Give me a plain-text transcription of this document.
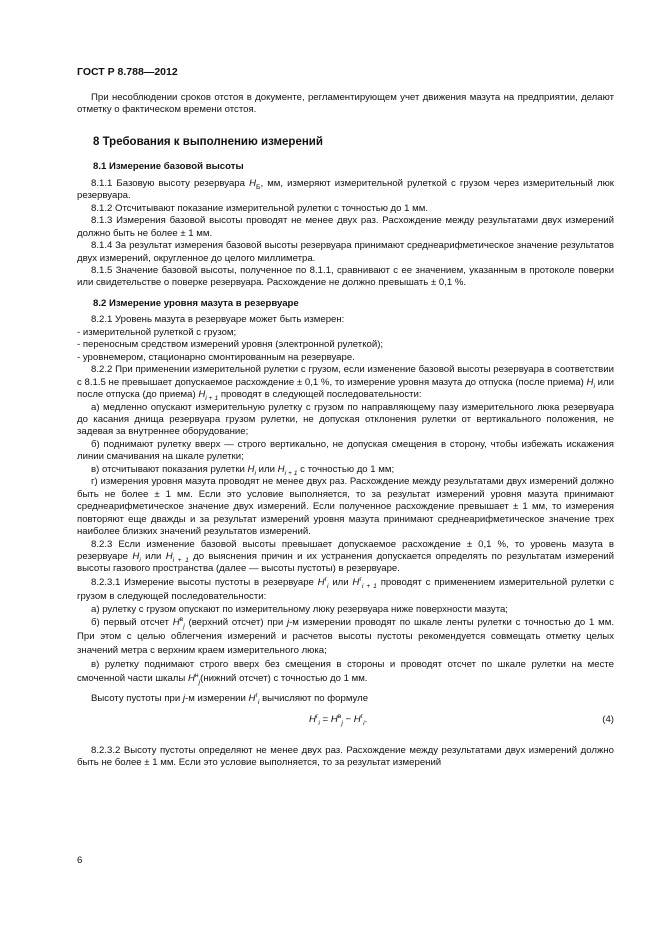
ГОСТ Р 8.788—2012

При несоблюдении сроков отстоя в документе, регламентирующем учет движения мазута на предприятии, делают отметку о фактическом времени отстоя.

8 Требования к выполнению измерений
8.1 Измерение базовой высоты

8.1.1 Базовую высоту резервуара $H_Б$, мм, измеряют измерительной рулеткой с грузом через измерительный люк резервуара.

8.1.2 Отсчитывают показание измерительной рулетки с точностью до 1 мм.

8.1.3 Измерения базовой высоты проводят не менее двух раз. Расхождение между результатами двух измерений должно быть не более ± 1 мм.

8.1.4 За результат измерения базовой высоты резервуара принимают среднеарифметическое значение результатов двух измерений, округленное до целого миллиметра.

8.1.5 Значение базовой высоты, полученное по 8.1.1, сравнивают с ее значением, указанным в протоколе поверки или свидетельстве о поверке резервуара. Расхождение не должно превышать ± 0,1 %.

8.2 Измерение уровня мазута в резервуаре

8.2.1 Уровень мазута в резервуаре может быть измерен:

- измерительной рулеткой с грузом;

- переносным средством измерений уровня (электронной рулеткой);

- уровнемером, стационарно смонтированным на резервуаре.

8.2.2 При применении измерительной рулетки с грузом, если изменение базовой высоты резервуара в соответствии с 8.1.5 не превышает допускаемое расхождение ± 0,1 %, то измерение уровня мазута до отпуска (после приема) $H_i$ или после отпуска (до приема) $H_{i + 1}$ проводят в следующей последовательности:

а) медленно опускают измерительную рулетку с грузом по направляющему пазу измерительного люка резервуара до касания днища резервуара грузом рулетки, не допуская отклонения рулетки от вертикального положения, не задевая за внутреннее оборудование;

б) поднимают рулетку вверх — строго вертикально, не допуская смещения в сторону, чтобы избежать искажения линии смачивания на шкале рулетки;

в) отсчитывают показания рулетки $H_i$ или $H_{i + 1}$ с точностью до 1 мм;

г) измерения уровня мазута проводят не менее двух раз. Расхождение между результатами двух измерений должно быть не более ± 1 мм. Если это условие выполняется, то за результат измерений уровня мазута принимают среднеарифметическое значение двух измерений. Если полученное расхождение превышает ± 1 мм, то измерения повторяют еще дважды и за результат измерений уровня мазута принимают среднеарифметическое значение трех наиболее близких значений результатов измерений.

8.2.3 Если изменение базовой высоты превышает допускаемое расхождение ± 0,1 %, то уровень мазута в резервуаре $H_i$ или $H_{i + 1}$ до выяснения причин и их устранения допускается определять по результатам измерений высоты газового пространства (далее — высоты пустоты) в резервуаре.

8.2.3.1 Измерение высоты пустоты в резервуаре $H^г_i$ или $H^г_{i + 1}$ проводят с применением измерительной рулетки с грузом в следующей последовательности:

а) рулетку с грузом опускают по измерительному люку резервуара ниже поверхности мазута;

б) первый отсчет $H^в_j$ (верхний отсчет) при j-м измерении проводят по шкале ленты рулетки с точностью до 1 мм. При этом с целью облегчения измерений и расчетов высоты пустоты рекомендуется совмещать отметку целых значений метра с верхним краем измерительного люка;

в) рулетку поднимают строго вверх без смещения в стороны и проводят отсчет по шкале рулетки на месте смоченной части шкалы $H^н_j(нижний$ отсчет) с точностью до 1 мм.

Высоту пустоты при j-м измерении $H^г_i$ вычисляют по формуле

$H^г_i = H^в_j - H^г_i$.	(4)

8.2.3.2 Высоту пустоты определяют не менее двух раз. Расхождение между результатами двух измерений должно быть не более ± 1 мм. Если это условие выполняется, то за результат измерений

6
